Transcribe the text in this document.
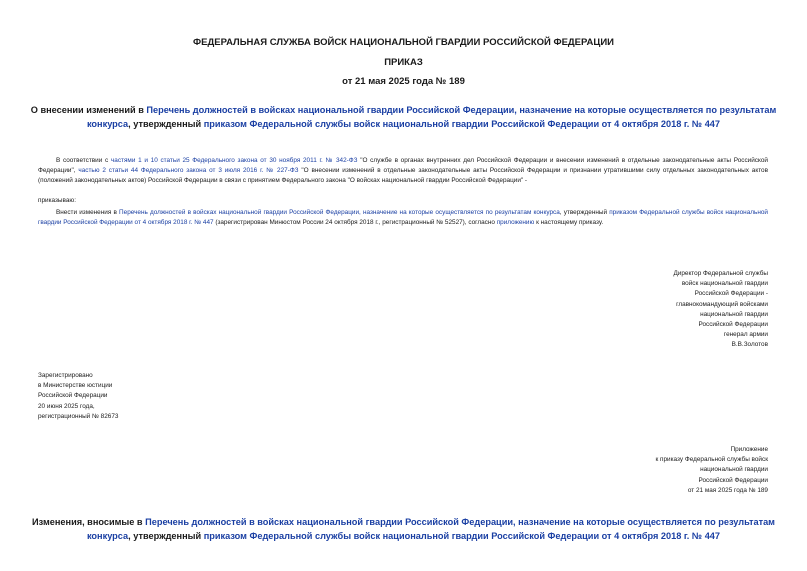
ФЕДЕРАЛЬНАЯ СЛУЖБА ВОЙСК НАЦИОНАЛЬНОЙ ГВАРДИИ РОССИЙСКОЙ ФЕДЕРАЦИИ
ПРИКАЗ
от 21 мая 2025 года № 189
О внесении изменений в Перечень должностей в войсках национальной гвардии Российской Федерации, назначение на которые осуществляется по результатам конкурса, утвержденный приказом Федеральной службы войск национальной гвардии Российской Федерации от 4 октября 2018 г. № 447
В соответствии с частями 1 и 10 статьи 25 Федерального закона от 30 ноября 2011 г. № 342-ФЗ "О службе в органах внутренних дел Российской Федерации и внесении изменений в отдельные законодательные акты Российской Федерации", частью 2 статьи 44 Федерального закона от 3 июля 2016 г. № 227-ФЗ "О внесении изменений в отдельные законодательные акты Российской Федерации и признании утратившими силу отдельных законодательных актов (положений законодательных актов) Российской Федерации в связи с принятием Федерального закона "О войсках национальной гвардии Российской Федерации" -
приказываю:
Внести изменения в Перечень должностей в войсках национальной гвардии Российской Федерации, назначение на которые осуществляется по результатам конкурса, утвержденный приказом Федеральной службы войск национальной гвардии Российской Федерации от 4 октября 2018 г. № 447 (зарегистрирован Минюстом России 24 октября 2018 г., регистрационный № 52527), согласно приложению к настоящему приказу.
Директор Федеральной службы
войск национальной гвардии
Российской Федерации -
главнокомандующий войсками
национальной гвардии
Российской Федерации
генерал армии
В.В.Золотов
Зарегистрировано
в Министерстве юстиции
Российской Федерации
20 июня 2025 года,
регистрационный № 82673
Приложение
к приказу Федеральной службы войск
национальной гвардии
Российской Федерации
от 21 мая 2025 года № 189
Изменения, вносимые в Перечень должностей в войсках национальной гвардии Российской Федерации, назначение на которые осуществляется по результатам конкурса, утвержденный приказом Федеральной службы войск национальной гвардии Российской Федерации от 4 октября 2018 г. № 447
